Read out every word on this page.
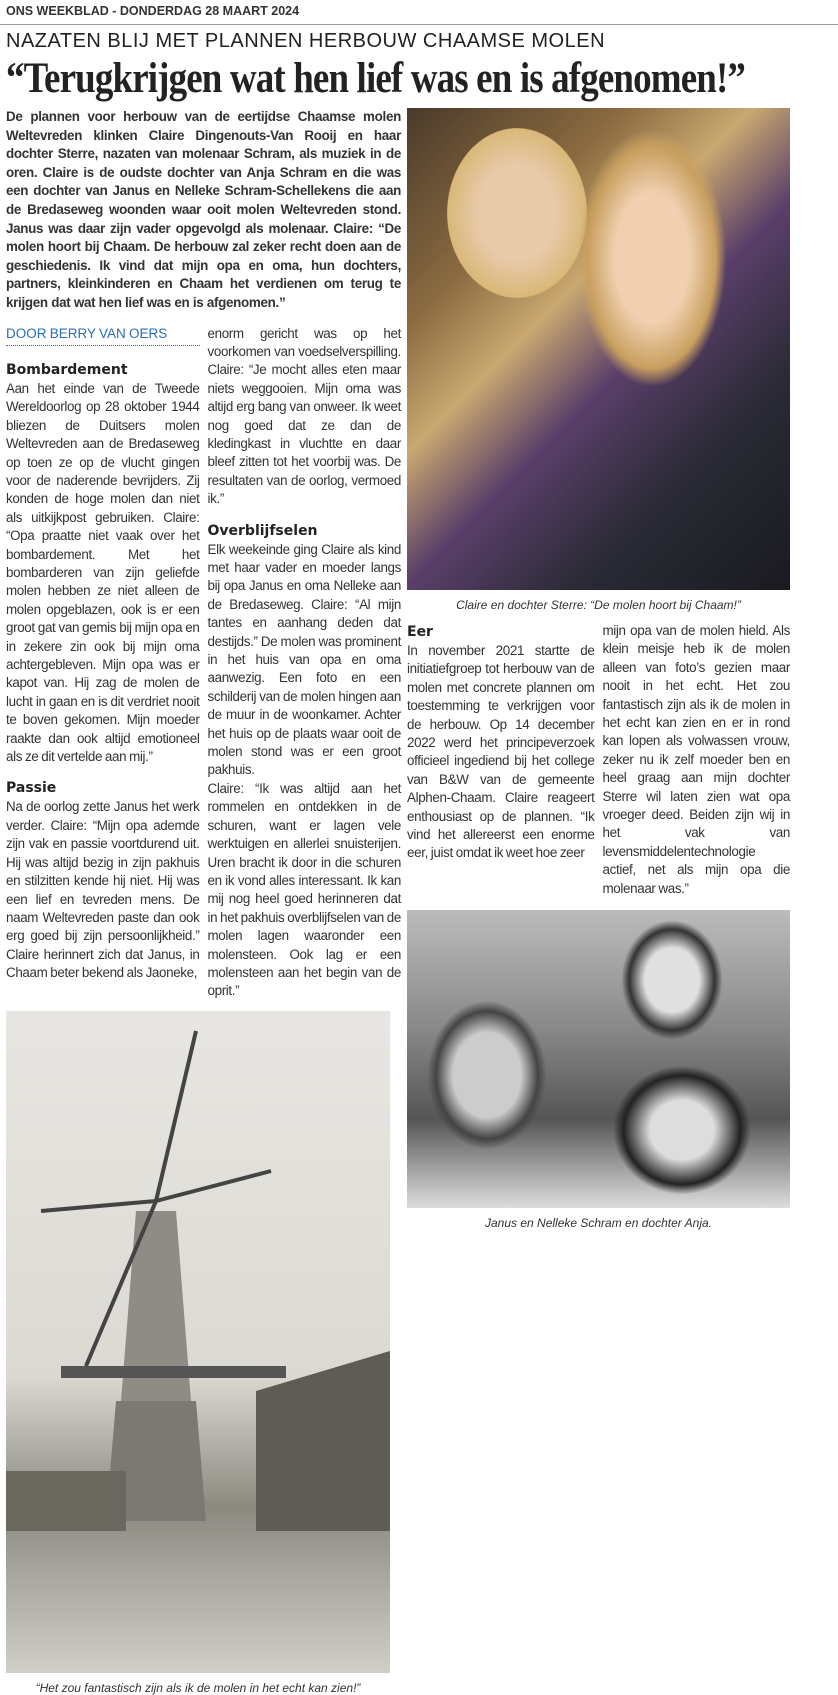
ONS WEEKBLAD - DONDERDAG 28 MAART 2024
NAZATEN BLIJ MET PLANNEN HERBOUW CHAAMSE MOLEN
“Terugkrijgen wat hen lief was en is afgenomen!”
De plannen voor herbouw van de eertijdse Chaamse molen Weltevreden klinken Claire Dingenouts-Van Rooij en haar dochter Sterre, nazaten van molenaar Schram, als muziek in de oren. Claire is de oudste dochter van Anja Schram en die was een dochter van Janus en Nelleke Schram-Schellekens die aan de Bredaseweg woonden waar ooit molen Weltevreden stond. Janus was daar zijn vader opgevolgd als molenaar. Claire: “De molen hoort bij Chaam. De herbouw zal zeker recht doen aan de geschiedenis. Ik vind dat mijn opa en oma, hun dochters, partners, kleinkinderen en Chaam het verdienen om terug te krijgen dat wat hen lief was en is afgenomen.”
DOOR BERRY VAN OERS
Bombardement

Aan het einde van de Tweede Wereldoorlog op 28 oktober 1944 bliezen de Duitsers molen Weltevreden aan de Bredaseweg op toen ze op de vlucht gingen voor de naderende bevrijders. Zij konden de hoge molen dan niet als uitkijkpost gebruiken. Claire: “Opa praatte niet vaak over het bombardement. Met het bombarderen van zijn geliefde molen hebben ze niet alleen de molen opgeblazen, ook is er een groot gat van gemis bij mijn opa en in zekere zin ook bij mijn oma achtergebleven. Mijn opa was er kapot van. Hij zag de molen de lucht in gaan en is dit verdriet nooit te boven gekomen. Mijn moeder raakte dan ook altijd emotioneel als ze dit vertelde aan mij.”

Passie

Na de oorlog zette Janus het werk verder. Claire: “Mijn opa ademde zijn vak en passie voortdurend uit. Hij was altijd bezig in zijn pakhuis en stilzitten kende hij niet. Hij was een lief en tevreden mens. De naam Weltevreden paste dan ook erg goed bij zijn persoonlijkheid.” Claire herinnert zich dat Janus, in Chaam beter bekend als Jaoneke,

enorm gericht was op het voorkomen van voedselverspilling. Claire: “Je mocht alles eten maar niets weggooien. Mijn oma was altijd erg bang van onweer. Ik weet nog goed dat ze dan de kledingkast in vluchtte en daar bleef zitten tot het voorbij was. De resultaten van de oorlog, vermoed ik.”

Overblijfselen

Elk weekeinde ging Claire als kind met haar vader en moeder langs bij opa Janus en oma Nelleke aan de Bredaseweg. Claire: “Al mijn tantes en aanhang deden dat destijds.” De molen was prominent in het huis van opa en oma aanwezig. Een foto en een schilderij van de molen hingen aan de muur in de woonkamer. Achter het huis op de plaats waar ooit de molen stond was er een groot pakhuis.

Claire: “Ik was altijd aan het rommelen en ontdekken in de schuren, want er lagen vele werktuigen en allerlei snuisterijen. Uren bracht ik door in die schuren en ik vond alles interessant. Ik kan mij nog heel goed herinneren dat in het pakhuis overblijfselen van de molen lagen waaronder een molensteen. Ook lag er een molensteen aan het begin van de oprit.”

“Het zou fantastisch zijn als ik de molen in het echt kan zien!”
Claire en dochter Sterre: “De molen hoort bij Chaam!”
Eer

In november 2021 startte de initiatiefgroep tot herbouw van de molen met concrete plannen om toestemming te verkrijgen voor de herbouw. Op 14 december 2022 werd het principeverzoek officieel ingediend bij het college van B&W van de gemeente Alphen-Chaam. Claire reageert enthousiast op de plannen. “Ik vind het allereerst een enorme eer, juist omdat ik weet hoe zeer

mijn opa van de molen hield. Als klein meisje heb ik de molen alleen van foto’s gezien maar nooit in het echt. Het zou fantastisch zijn als ik de molen in het echt kan zien en er in rond kan lopen als volwassen vrouw, zeker nu ik zelf moeder ben en heel graag aan mijn dochter Sterre wil laten zien wat opa vroeger deed. Beiden zijn wij in het vak van levensmiddelentechnologie actief, net als mijn opa die molenaar was.”

Janus en Nelleke Schram en dochter Anja.
